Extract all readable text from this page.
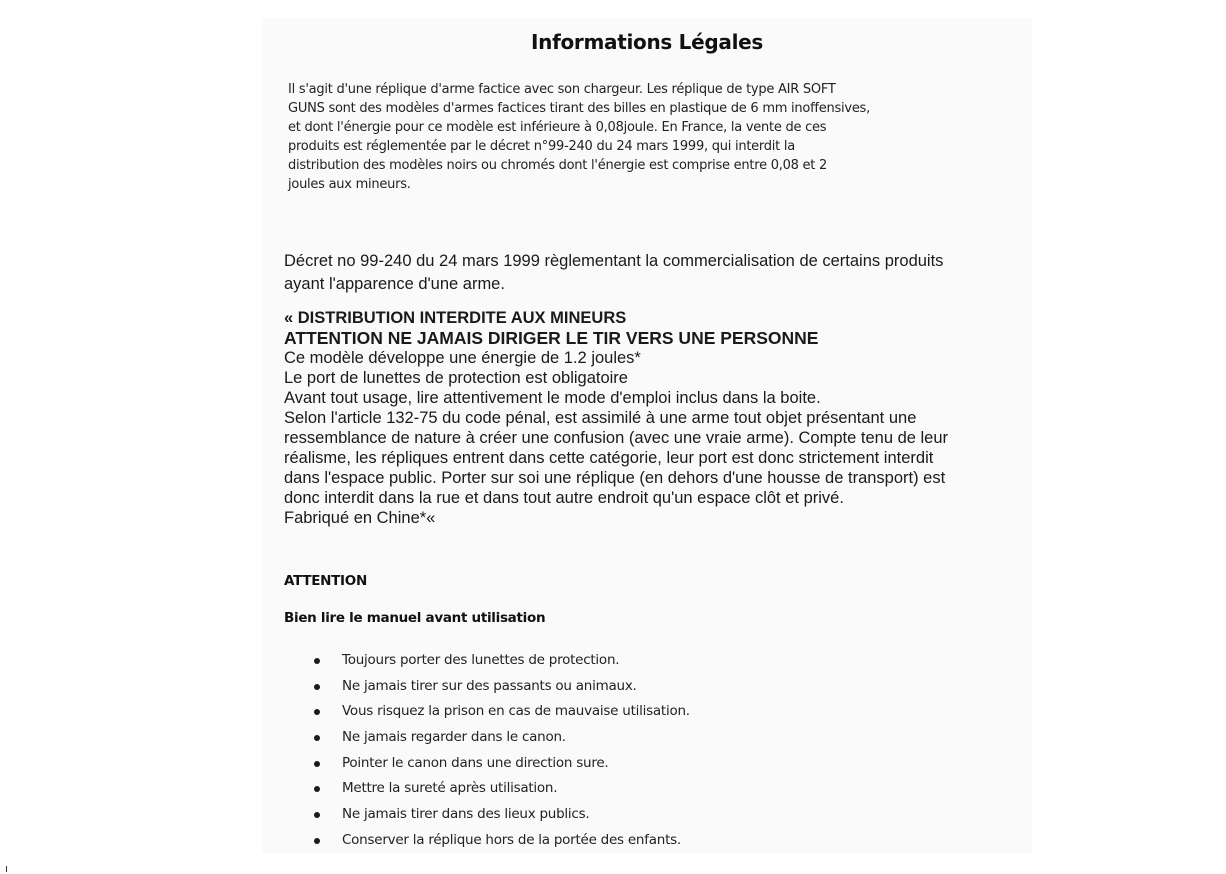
Informations Légales
Il s'agit d'une réplique d'arme factice avec son chargeur. Les réplique de type AIR SOFT
GUNS sont des modèles d'armes factices tirant des billes en plastique de 6 mm inoffensives,
et dont l'énergie pour ce modèle est inférieure à 0,08joule. En France, la vente de ces
produits est réglementée par le décret n°99-240 du 24 mars 1999, qui interdit la
distribution des modèles noirs ou chromés dont l'énergie est comprise entre 0,08 et 2
joules aux mineurs.
Décret no 99-240 du 24 mars 1999 règlementant la commercialisation de certains produits
ayant l'apparence d'une arme.
« DISTRIBUTION INTERDITE AUX MINEURS
ATTENTION NE JAMAIS DIRIGER LE TIR VERS UNE PERSONNE
Ce modèle développe une énergie de 1.2 joules*
Le port de lunettes de protection est obligatoire
Avant tout usage, lire attentivement le mode d'emploi inclus dans la boite.
Selon l'article 132-75 du code pénal, est assimilé à une arme tout objet présentant une
ressemblance de nature à créer une confusion (avec une vraie arme). Compte tenu de leur
réalisme, les répliques entrent dans cette catégorie, leur port est donc strictement interdit
dans l'espace public. Porter sur soi une réplique (en dehors d'une housse de transport) est
donc interdit dans la rue et dans tout autre endroit qu'un espace clôt et privé.
Fabriqué en Chine*«
ATTENTION
Bien lire le manuel avant utilisation
Toujours porter des lunettes de protection.
Ne jamais tirer sur des passants ou animaux.
Vous risquez la prison en cas de mauvaise utilisation.
Ne jamais regarder dans le canon.
Pointer le canon dans une direction sure.
Mettre la sureté après utilisation.
Ne jamais tirer dans des lieux publics.
Conserver la réplique hors de la portée des enfants.
